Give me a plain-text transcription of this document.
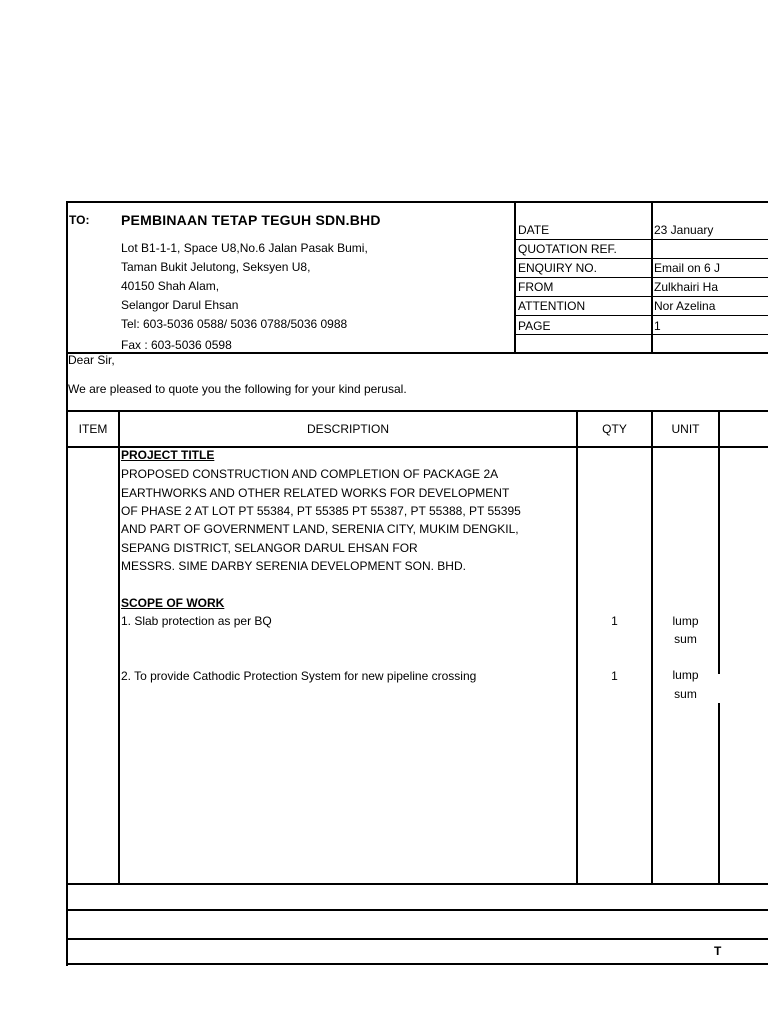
TO: PEMBINAAN TETAP TEGUH SDN.BHD
Lot B1-1-1, Space U8,No.6 Jalan Pasak Bumi,
Taman Bukit Jelutong, Seksyen U8,
40150 Shah Alam,
Selangor Darul Ehsan
Tel: 603-5036 0588/ 5036 0788/5036 0988
Fax : 603-5036 0598
DATE	23 January
QUOTATION REF.
ENQUIRY NO.	Email on 6 J
FROM	Zulkhairi Ha
ATTENTION	Nor Azelina
PAGE	1
Dear Sir,
We are pleased to quote you the following for your kind perusal.
ITEM	DESCRIPTION	QTY	UNIT
PROJECT TITLE
PROPOSED CONSTRUCTION AND COMPLETION OF PACKAGE 2A
EARTHWORKS AND OTHER RELATED WORKS FOR DEVELOPMENT
OF PHASE 2 AT LOT PT 55384, PT 55385 PT 55387, PT 55388, PT 55395
AND PART OF GOVERNMENT LAND, SERENIA CITY, MUKIM DENGKIL,
SEPANG DISTRICT, SELANGOR DARUL EHSAN FOR
MESSRS. SIME DARBY SERENIA DEVELOPMENT SON. BHD.
SCOPE OF WORK
1. Slab protection as per BQ	1	lump
sum
2. To provide Cathodic Protection System for new pipeline crossing	1	lump
sum
T
